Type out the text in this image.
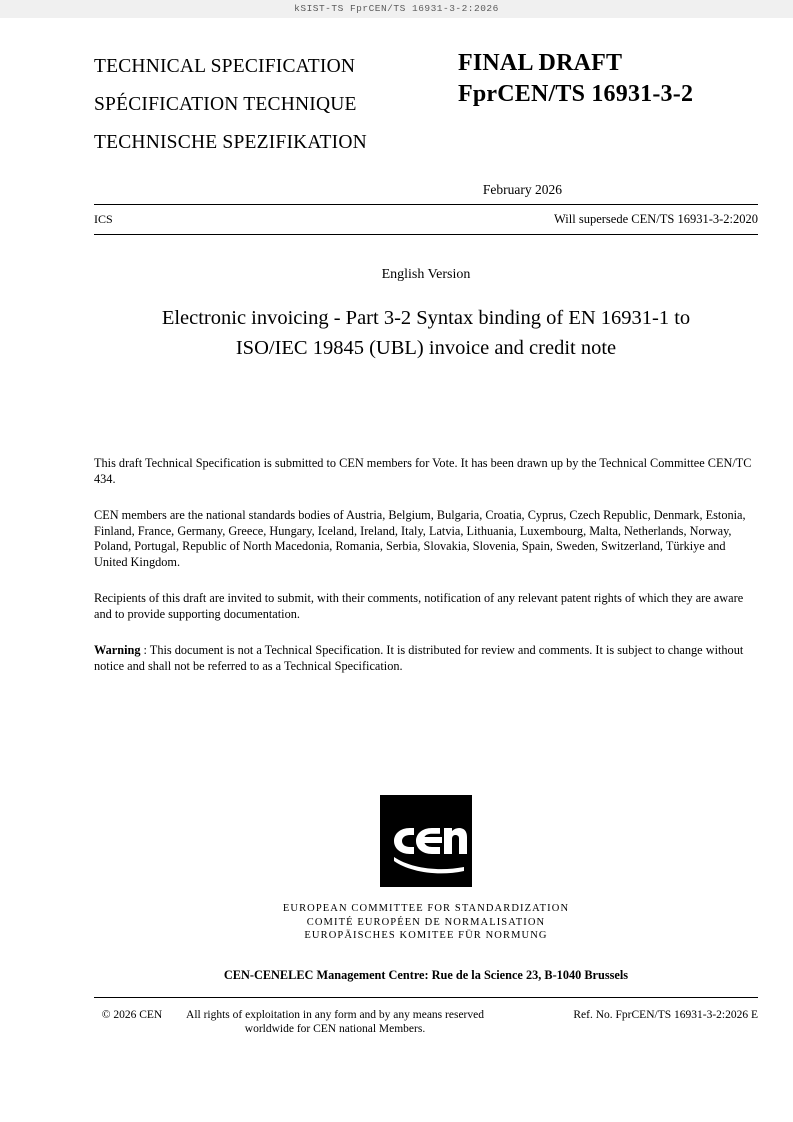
kSIST-TS FprCEN/TS 16931-3-2:2026
TECHNICAL SPECIFICATION
SPÉCIFICATION TECHNIQUE
TECHNISCHE SPEZIFIKATION
FINAL DRAFT
FprCEN/TS 16931-3-2
February 2026
ICS	Will supersede CEN/TS 16931-3-2:2020
English Version
Electronic invoicing - Part 3-2 Syntax binding of EN 16931-1 to ISO/IEC 19845 (UBL) invoice and credit note
This draft Technical Specification is submitted to CEN members for Vote. It has been drawn up by the Technical Committee CEN/TC 434.
CEN members are the national standards bodies of Austria, Belgium, Bulgaria, Croatia, Cyprus, Czech Republic, Denmark, Estonia, Finland, France, Germany, Greece, Hungary, Iceland, Ireland, Italy, Latvia, Lithuania, Luxembourg, Malta, Netherlands, Norway, Poland, Portugal, Republic of North Macedonia, Romania, Serbia, Slovakia, Slovenia, Spain, Sweden, Switzerland, Türkiye and United Kingdom.
Recipients of this draft are invited to submit, with their comments, notification of any relevant patent rights of which they are aware and to provide supporting documentation.
Warning : This document is not a Technical Specification. It is distributed for review and comments. It is subject to change without notice and shall not be referred to as a Technical Specification.
EUROPEAN COMMITTEE FOR STANDARDIZATION
COMITÉ EUROPÉEN DE NORMALISATION
EUROPÄISCHES KOMITEE FÜR NORMUNG
CEN-CENELEC Management Centre: Rue de la Science 23, B-1040 Brussels
© 2026 CEN	All rights of exploitation in any form and by any means reserved worldwide for CEN national Members.
Ref. No. FprCEN/TS 16931-3-2:2026 E
